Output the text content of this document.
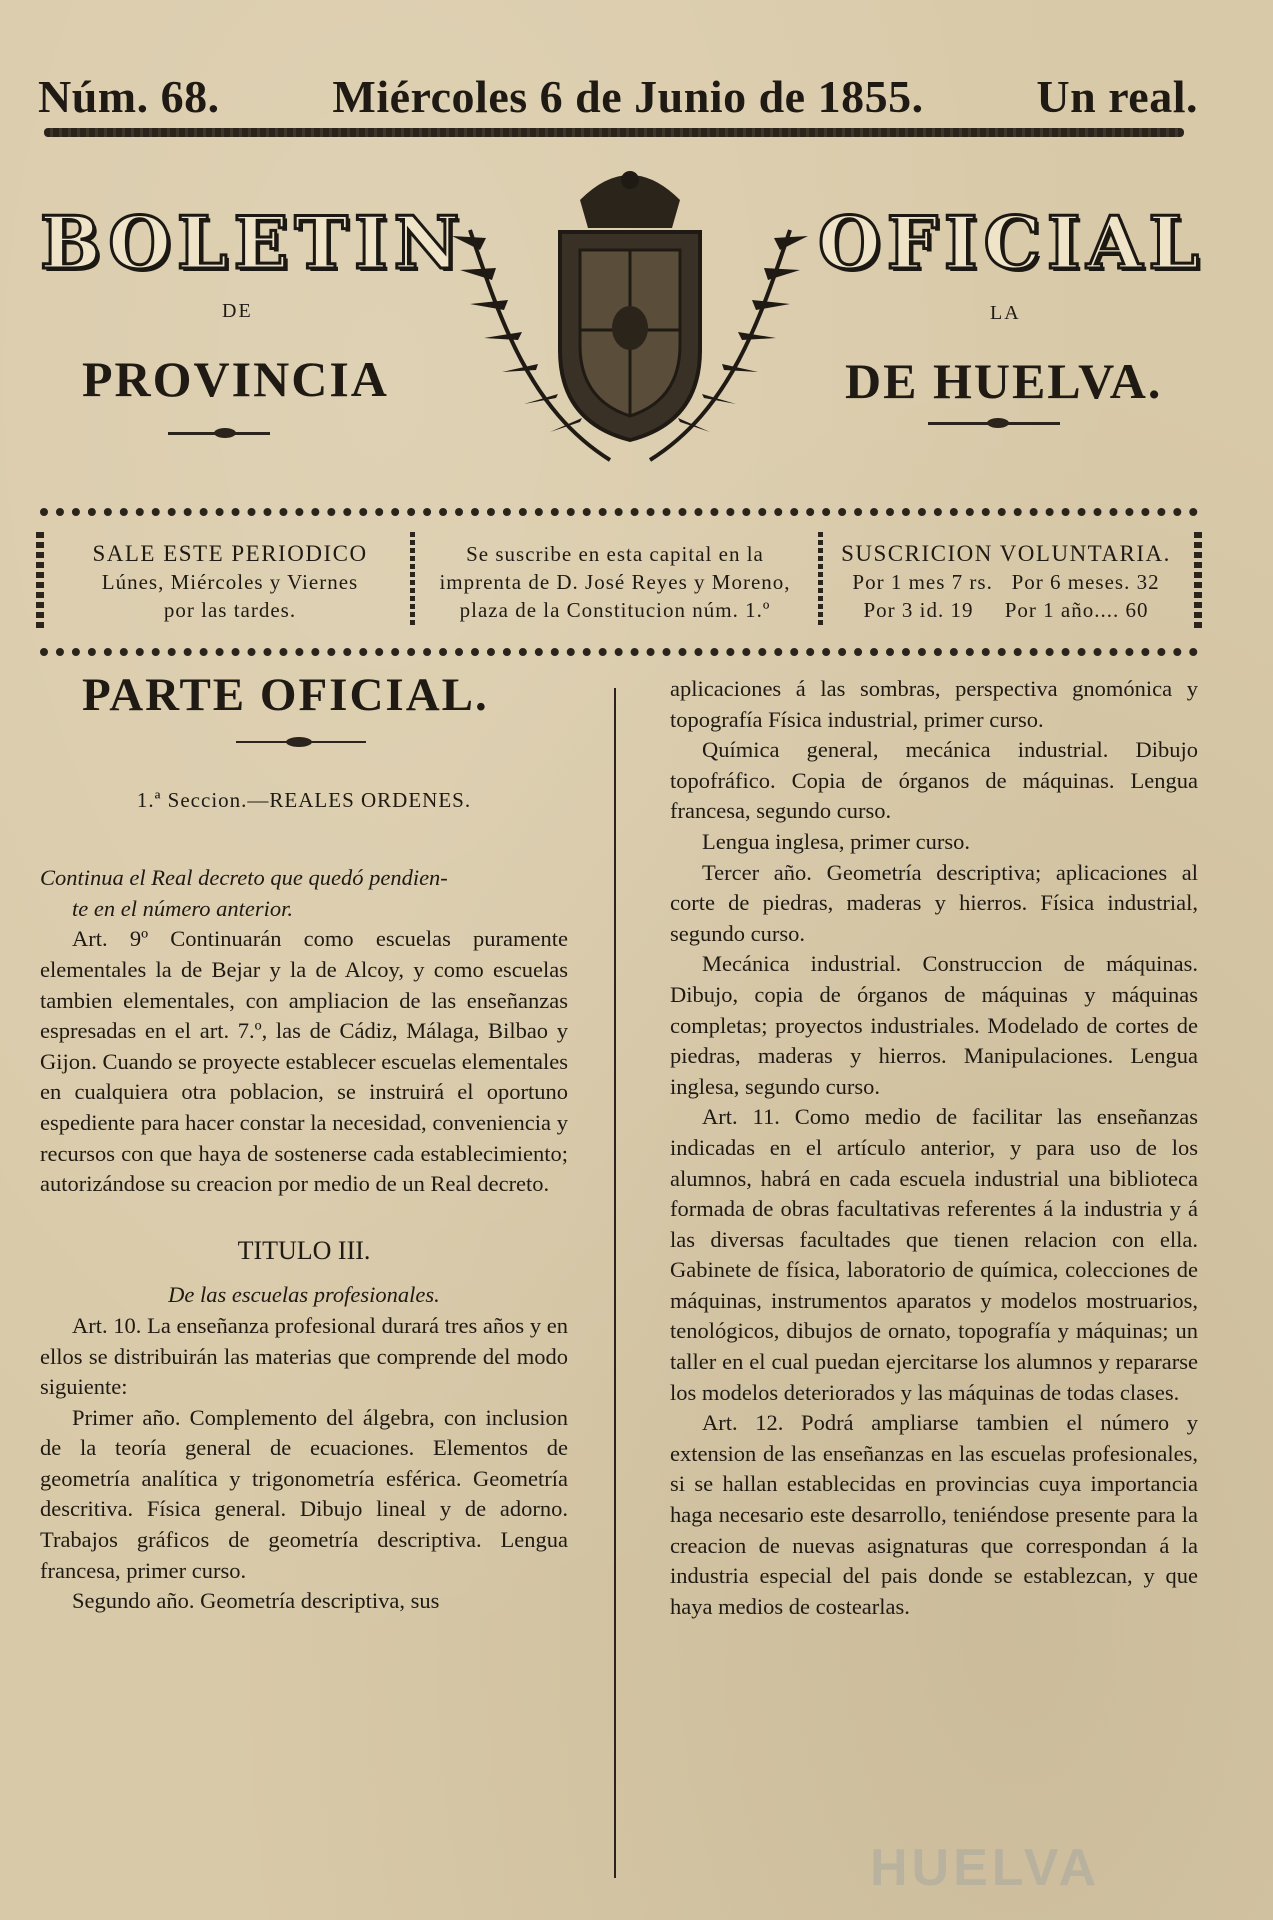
Núm. 68. Miércoles 6 de Junio de 1855. Un real.
BOLETIN	OFICIAL
DE	LA
PROVINCIA	DE HUELVA.
SALE ESTE PERIODICO
Lúnes, Miércoles y Viernes
por las tardes.
Se suscribe en esta capital en la
imprenta de D. José Reyes y Moreno,
plaza de la Constitucion núm. 1.º
SUSCRICION VOLUNTARIA.
Por 1 mes 7 rs.   Por 6 meses. 32
Por 3 id. 19     Por 1 año.... 60
PARTE OFICIAL.
1.ª Seccion.—REALES ORDENES.
Continua el Real decreto que quedó pendien-
te en el número anterior.

Art. 9º Continuarán como escuelas puramente elementales la de Bejar y la de Alcoy, y como escuelas tambien elementales, con ampliacion de las enseñanzas espresadas en el art. 7.º, las de Cádiz, Málaga, Bilbao y Gijon. Cuando se proyecte establecer escuelas elementales en cualquiera otra poblacion, se instruirá el oportuno espediente para hacer constar la necesidad, conveniencia y recursos con que haya de sostenerse cada establecimiento; autorizándose su creacion por medio de un Real decreto.

TITULO III.
De las escuelas profesionales.

Art. 10. La enseñanza profesional durará tres años y en ellos se distribuirán las materias que comprende del modo siguiente:

Primer año. Complemento del álgebra, con inclusion de la teoría general de ecuaciones. Elementos de geometría analítica y trigonometría esférica. Geometría descritiva. Física general. Dibujo lineal y de adorno. Trabajos gráficos de geometría descriptiva. Lengua francesa, primer curso.

Segundo año. Geometría descriptiva, sus

aplicaciones á las sombras, perspectiva gnomónica y topografía Física industrial, primer curso.

Química general, mecánica industrial. Dibujo topofráfico. Copia de órganos de máquinas. Lengua francesa, segundo curso.

Lengua inglesa, primer curso.

Tercer año. Geometría descriptiva; aplicaciones al corte de piedras, maderas y hierros. Física industrial, segundo curso.

Mecánica industrial. Construccion de máquinas. Dibujo, copia de órganos de máquinas y máquinas completas; proyectos industriales. Modelado de cortes de piedras, maderas y hierros. Manipulaciones. Lengua inglesa, segundo curso.

Art. 11. Como medio de facilitar las enseñanzas indicadas en el artículo anterior, y para uso de los alumnos, habrá en cada escuela industrial una biblioteca formada de obras facultativas referentes á la industria y á las diversas facultades que tienen relacion con ella. Gabinete de física, laboratorio de química, colecciones de máquinas, instrumentos aparatos y modelos mostruarios, tenológicos, dibujos de ornato, topografía y máquinas; un taller en el cual puedan ejercitarse los alumnos y repararse los modelos deteriorados y las máquinas de todas clases.

Art. 12. Podrá ampliarse tambien el número y extension de las enseñanzas en las escuelas profesionales, si se hallan establecidas en provincias cuya importancia haga necesario este desarrollo, teniéndose presente para la creacion de nuevas asignaturas que correspondan á la industria especial del pais donde se establezcan, y que haya medios de costearlas.

HUELVA
